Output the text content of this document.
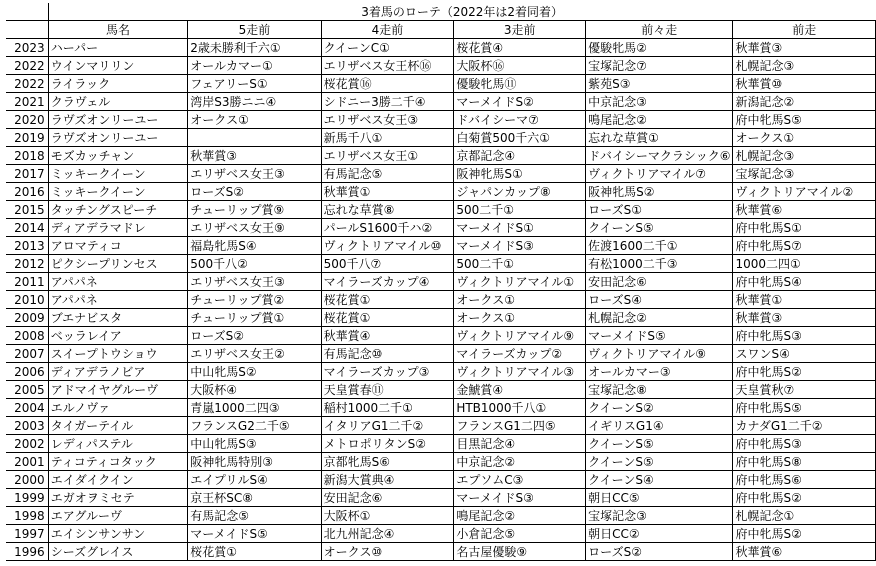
	3着馬のローテ（2022年は2着同着）					
	馬名	5走前	4走前	3走前	前々走	前走
2023	ハーパー	2歳未勝利千六①	クイーンC①	桜花賞④	優駿牝馬②	秋華賞③
2022	ウインマリリン	オールカマー①	エリザベス女王杯⑯	大阪杯⑯	宝塚記念⑦	札幌記念③
2022	ライラック	フェアリーS①	桜花賞⑯	優駿牝馬⑪	紫苑S③	秋華賞⑩
2021	クラヴェル	湾岸S3勝ニニ④	シドニー3勝二千④	マーメイドS②	中京記念③	新潟記念②
2020	ラヴズオンリーユー	オークス①	エリザベス女王③	ドバイシーマ⑦	鳴尾記念②	府中牝馬S⑤
2019	ラヴズオンリーユー		新馬千八①	白菊賞500千六①	忘れな草賞①	オークス①
2018	モズカッチャン	秋華賞③	エリザベス女王①	京都記念④	ドバイシーマクラシック⑥	札幌記念③
2017	ミッキークイーン	エリザベス女王③	有馬記念⑤	阪神牝馬S①	ヴィクトリアマイル⑦	宝塚記念③
2016	ミッキークイーン	ローズS②	秋華賞①	ジャパンカップ⑧	阪神牝馬S②	ヴィクトリアマイル②
2015	タッチングスピーチ	チューリップ賞⑨	忘れな草賞⑧	500二千①	ローズS①	秋華賞⑥
2014	ディアデラマドレ	エリザベス女王⑨	パールS1600千ハ②	マーメイドS①	クイーンS⑤	府中牝馬S①
2013	アロマティコ	福島牝馬S④	ヴィクトリアマイル⑩	マーメイドS③	佐渡1600二千①	府中牝馬S⑦
2012	ピクシープリンセス	500千八②	500千八⑦	500二千①	有松1000二千③	1000二四①
2011	アパパネ	エリザベス女王③	マイラーズカップ④	ヴィクトリアマイル①	安田記念⑥	府中牝馬S④
2010	アパパネ	チューリップ賞②	桜花賞①	オークス①	ローズS④	秋華賞①
2009	ブエナビスタ	チューリップ賞①	桜花賞①	オークス①	札幌記念②	秋華賞③
2008	ベッラレイア	ローズS②	秋華賞④	ヴィクトリアマイル⑨	マーメイドS⑤	府中牝馬S③
2007	スイープトウショウ	エリザベス女王②	有馬記念⑩	マイラーズカップ②	ヴィクトリアマイル⑨	スワンS④
2006	ディアデラノビア	中山牝馬S②	マイラーズカップ③	ヴィクトリアマイル③	オールカマー③	府中牝馬S②
2005	アドマイヤグルーヴ	大阪杯④	天皇賞春⑪	金鯱賞④	宝塚記念⑧	天皇賞秋⑦
2004	エルノヴァ	青嵐1000二四③	稲村1000二千①	HTB1000千八①	クイーンS②	府中牝馬S⑤
2003	タイガーテイル	フランスG2二千⑤	イタリアG1二千②	フランスG1二四⑤	イギリスG1④	カナダG1二千②
2002	レディパステル	中山牝馬S③	メトロポリタンS②	目黒記念④	クイーンS⑤	府中牝馬S③
2001	ティコティコタック	阪神牝馬特別③	京都牝馬S⑥	中京記念②	クイーンS⑤	府中牝馬S⑧
2000	エイダイクイン	エイプリルS④	新潟大賞典④	エプソムC③	クイーンS④	府中牝馬S⑥
1999	エガオヲミセテ	京王杯SC⑧	安田記念⑥	マーメイドS③	朝日CC⑤	府中牝馬S②
1998	エアグルーヴ	有馬記念⑤	大阪杯①	鳴尾記念②	宝塚記念③	札幌記念①
1997	エイシンサンサン	マーメイドS⑤	北九州記念④	小倉記念⑤	朝日CC②	府中牝馬S②
1996	シーズグレイス	桜花賞①	オークス⑩	名古屋優駿⑨	ローズS②	秋華賞⑥
